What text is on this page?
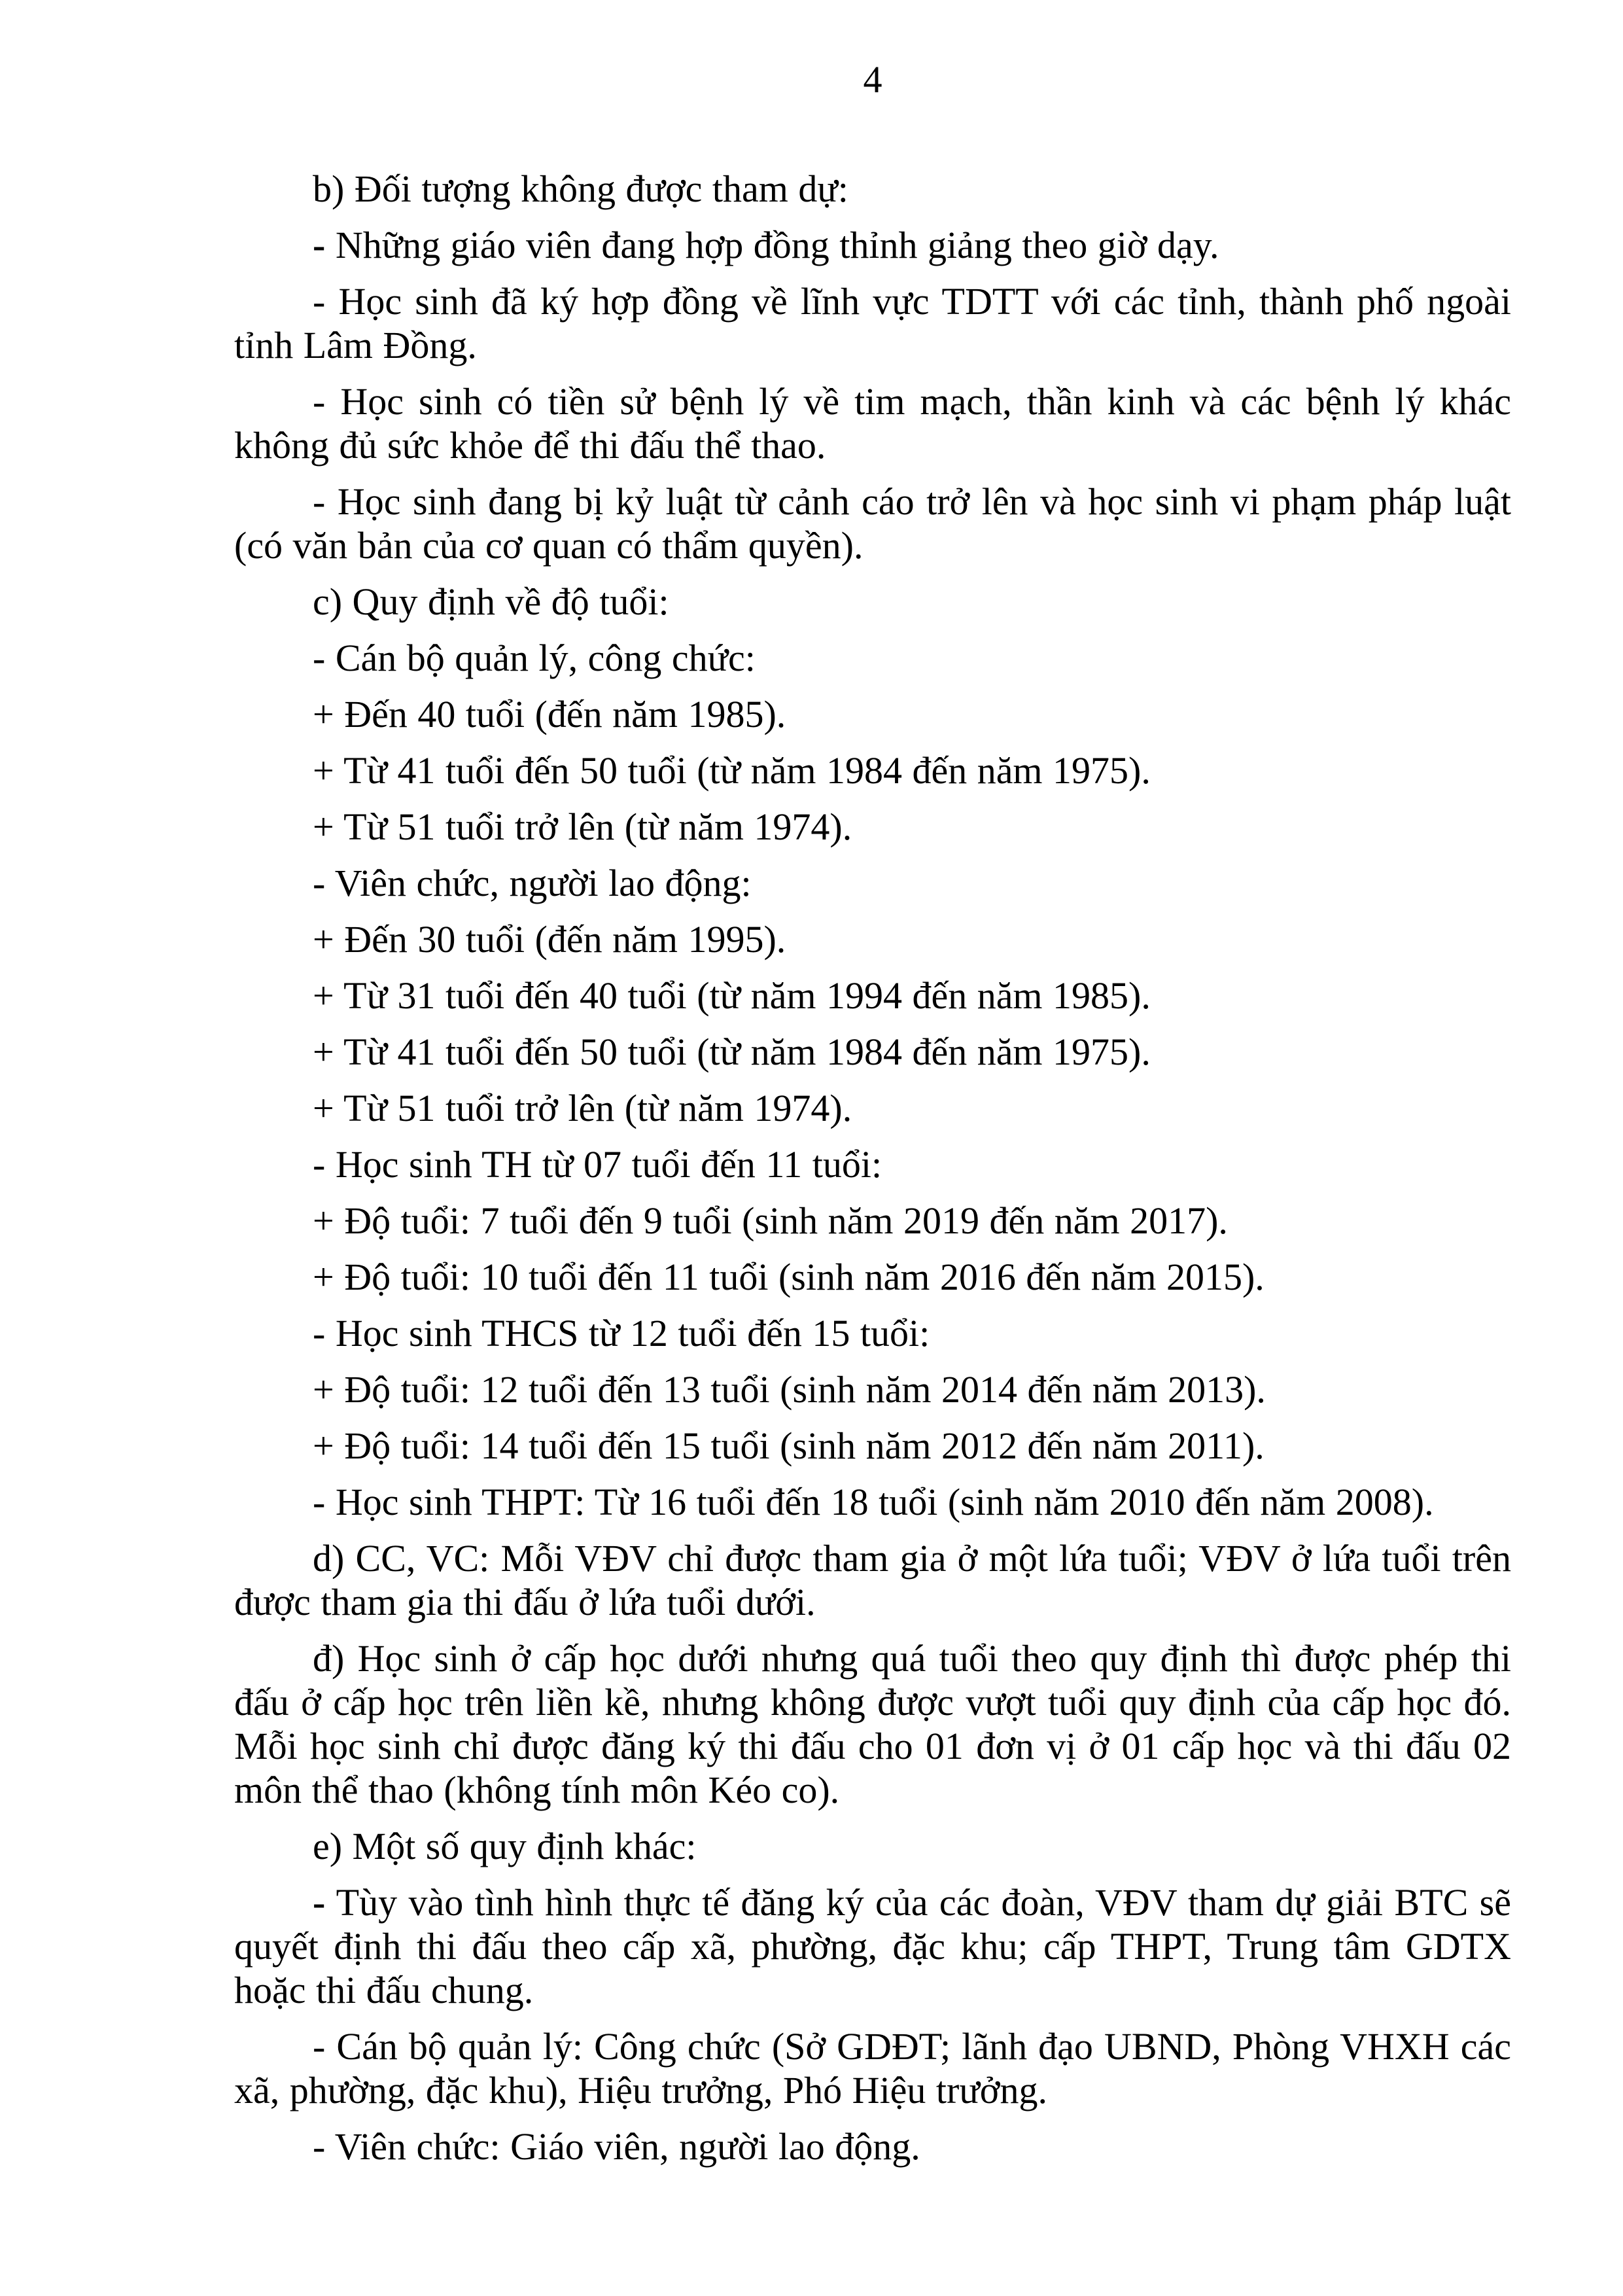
4

b) Đối tượng không được tham dự:

- Những giáo viên đang hợp đồng thỉnh giảng theo giờ dạy.

- Học sinh đã ký hợp đồng về lĩnh vực TDTT với các tỉnh, thành phố ngoài tỉnh Lâm Đồng.

- Học sinh có tiền sử bệnh lý về tim mạch, thần kinh và các bệnh lý khác không đủ sức khỏe để thi đấu thể thao.

- Học sinh đang bị kỷ luật từ cảnh cáo trở lên và học sinh vi phạm pháp luật (có văn bản của cơ quan có thẩm quyền).

c) Quy định về độ tuổi:

- Cán bộ quản lý, công chức:

+ Đến 40 tuổi (đến năm 1985).

+ Từ 41 tuổi đến 50 tuổi (từ năm 1984 đến năm 1975).

+ Từ 51 tuổi trở lên (từ năm 1974).

- Viên chức, người lao động:

+ Đến 30 tuổi (đến năm 1995).

+ Từ 31 tuổi đến 40 tuổi (từ năm 1994 đến năm 1985).

+ Từ 41 tuổi đến 50 tuổi (từ năm 1984 đến năm 1975).

+ Từ 51 tuổi trở lên (từ năm 1974).

- Học sinh TH từ 07 tuổi đến 11 tuổi:

+ Độ tuổi: 7 tuổi đến 9 tuổi (sinh năm 2019 đến năm 2017).

+ Độ tuổi: 10 tuổi đến 11 tuổi (sinh năm 2016 đến năm 2015).

- Học sinh THCS từ 12 tuổi đến 15 tuổi:

+ Độ tuổi: 12 tuổi đến 13 tuổi (sinh năm 2014 đến năm 2013).

+ Độ tuổi: 14 tuổi đến 15 tuổi (sinh năm 2012 đến năm 2011).

- Học sinh THPT: Từ 16 tuổi đến 18 tuổi (sinh năm 2010 đến năm 2008).

d) CC, VC: Mỗi VĐV chỉ được tham gia ở một lứa tuổi; VĐV ở lứa tuổi trên được tham gia thi đấu ở lứa tuổi dưới.

đ) Học sinh ở cấp học dưới nhưng quá tuổi theo quy định thì được phép thi đấu ở cấp học trên liền kề, nhưng không được vượt tuổi quy định của cấp học đó. Mỗi học sinh chỉ được đăng ký thi đấu cho 01 đơn vị ở 01 cấp học và thi đấu 02 môn thể thao (không tính môn Kéo co).

e) Một số quy định khác:

- Tùy vào tình hình thực tế đăng ký của các đoàn, VĐV tham dự giải BTC sẽ quyết định thi đấu theo cấp xã, phường, đặc khu; cấp THPT, Trung tâm GDTX hoặc thi đấu chung.

- Cán bộ quản lý: Công chức (Sở GDĐT; lãnh đạo UBND, Phòng VHXH các xã, phường, đặc khu), Hiệu trưởng, Phó Hiệu trưởng.

- Viên chức: Giáo viên, người lao động.
